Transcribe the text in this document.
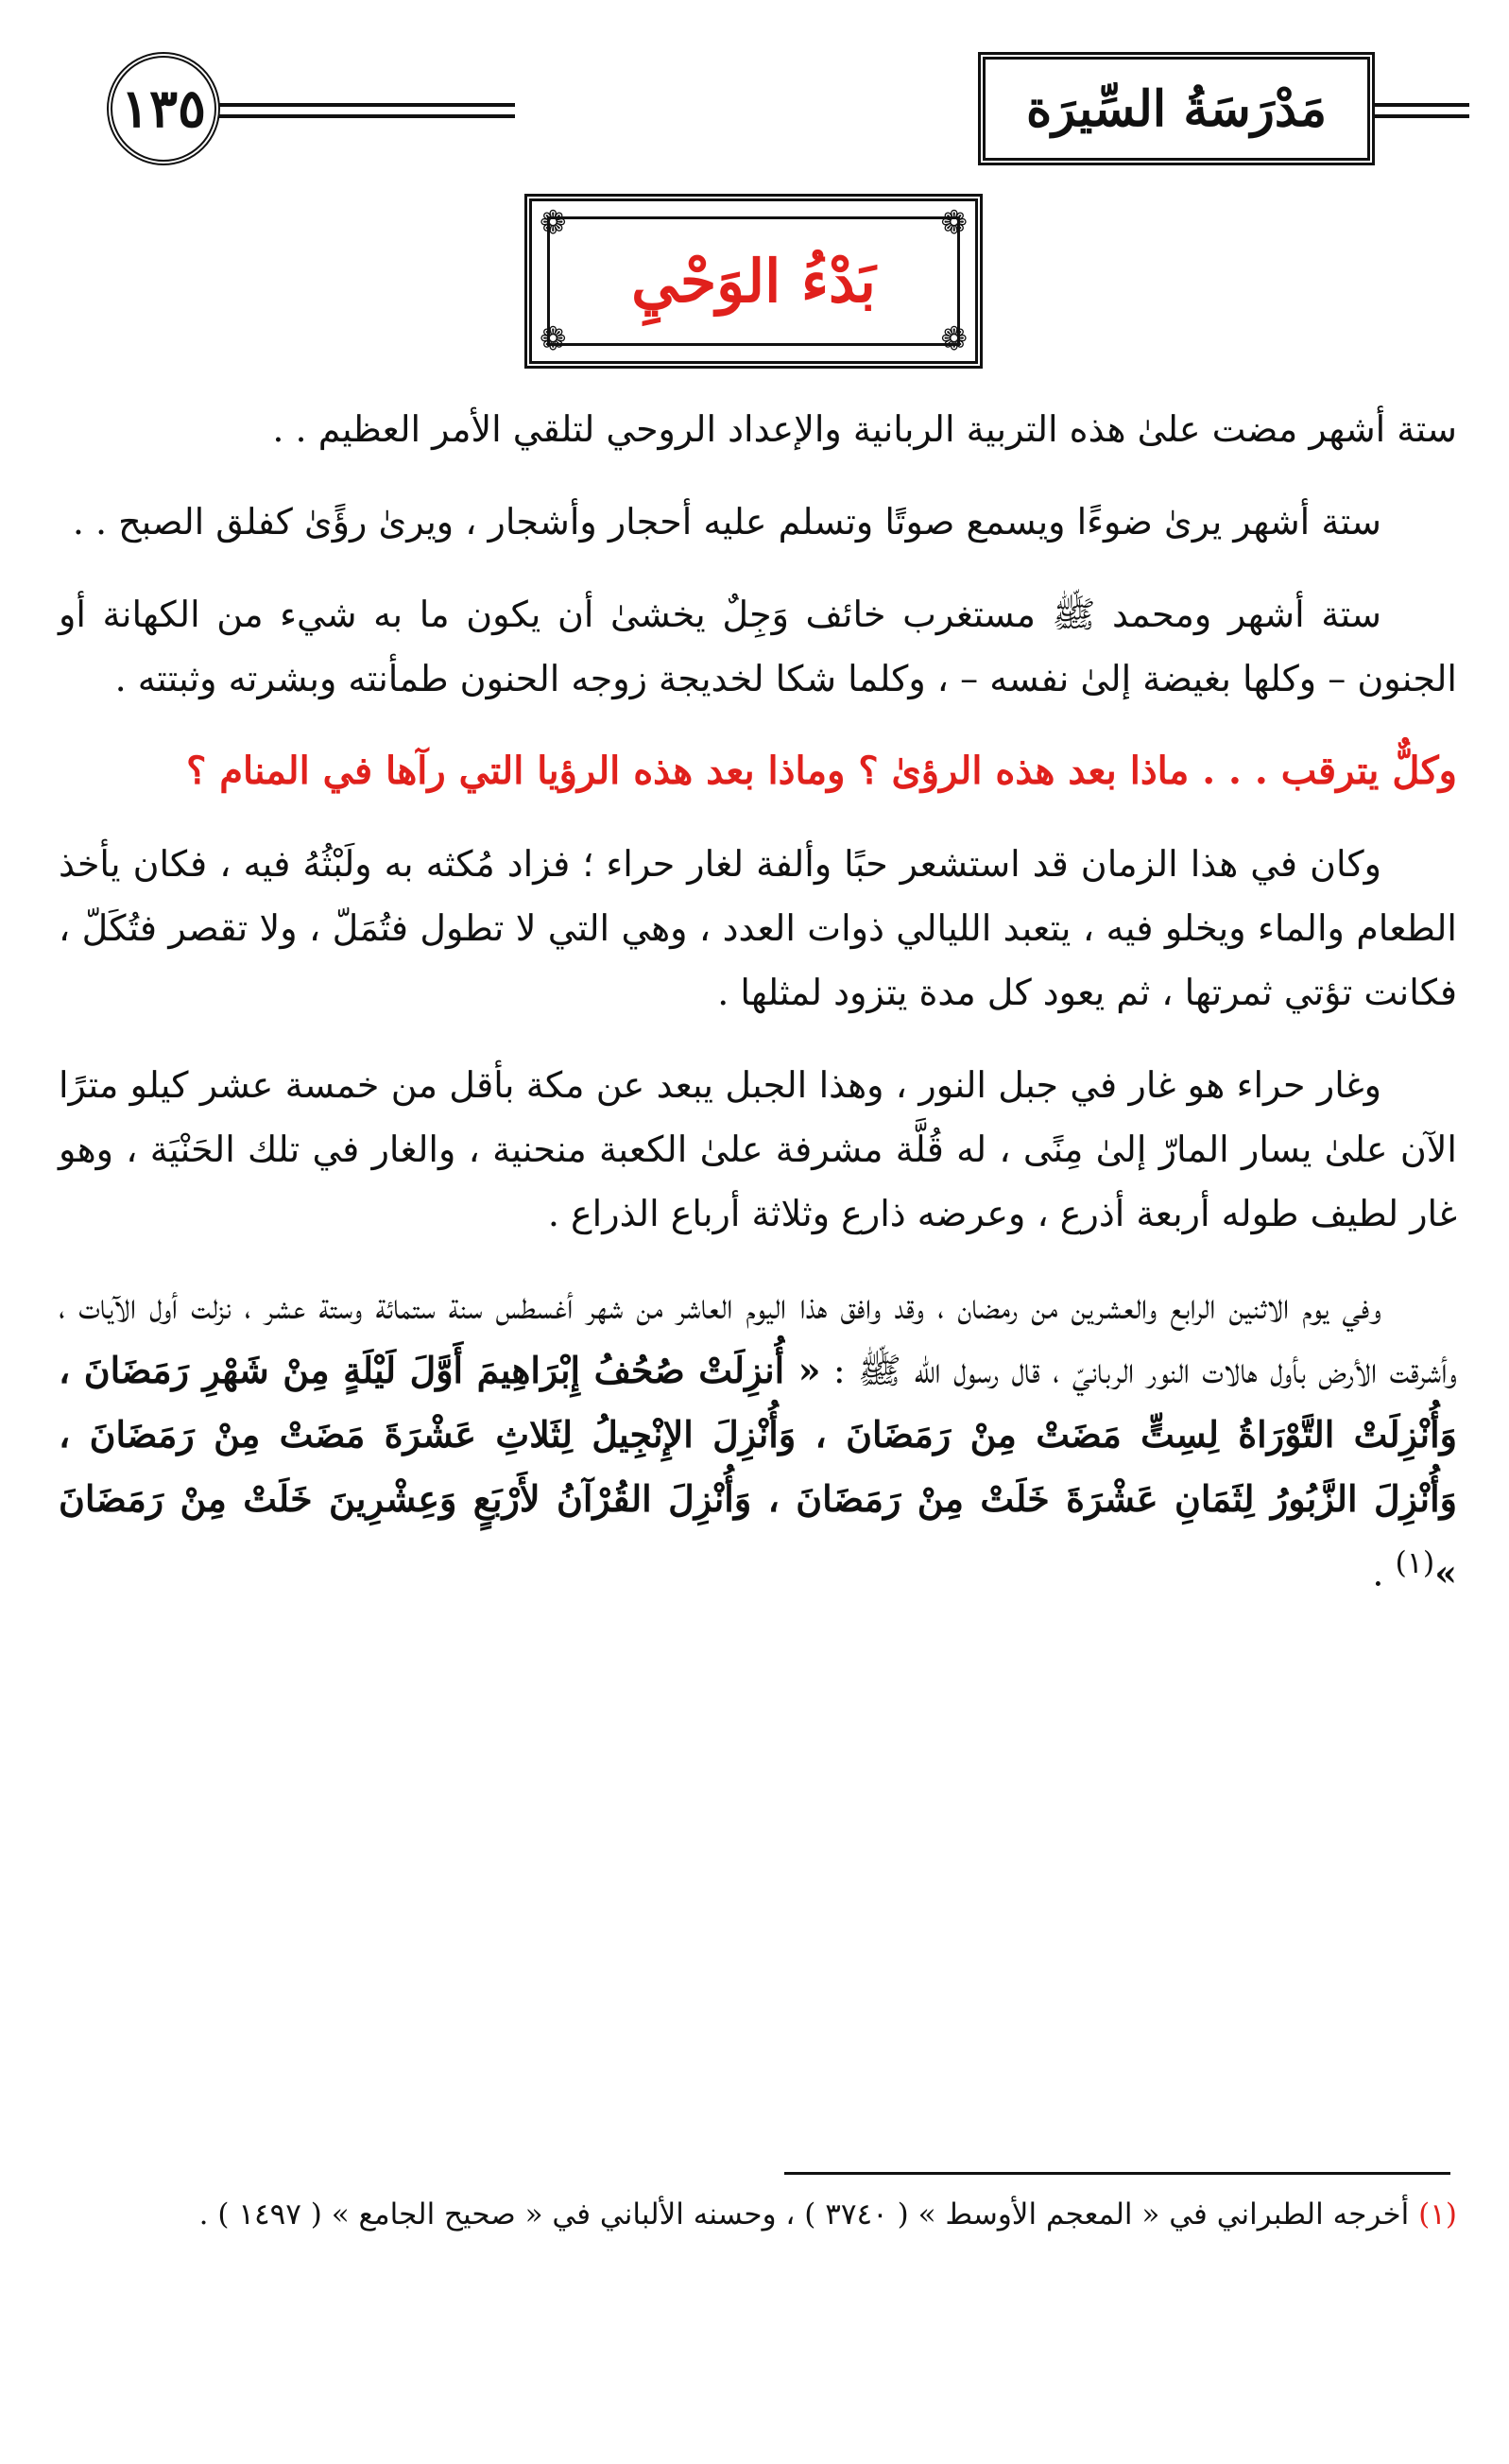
١٣٥	مَدْرَسَةُ السِّيرَة
❁	❁
❁	❁
بَدْءُ الوَحْيِ

ستة أشهر مضت علىٰ هذه التربية الربانية والإعداد الروحي لتلقي الأمر العظيم . .

ستة أشهر يرىٰ ضوءًا ويسمع صوتًا وتسلم عليه أحجار وأشجار ، ويرىٰ رؤًىٰ كفلق الصبح . .

ستة أشهر ومحمد ﷺ مستغرب خائف وَجِلٌ يخشىٰ أن يكون ما به شيء من الكهانة أو الجنون – وكلها بغيضة إلىٰ نفسه – ، وكلما شكا لخديجة زوجه الحنون طمأنته وبشرته وثبتته .

وكلٌّ يترقب . . . ماذا بعد هذه الرؤىٰ ؟ وماذا بعد هذه الرؤيا التي رآها في المنام ؟

وكان في هذا الزمان قد استشعر حبًا وألفة لغار حراء ؛ فزاد مُكثه به ولَبْثُهُ فيه ، فكان يأخذ الطعام والماء ويخلو فيه ، يتعبد الليالي ذوات العدد ، وهي التي لا تطول فتُمَلّ ، ولا تقصر فتُكَلّ ، فكانت تؤتي ثمرتها ، ثم يعود كل مدة يتزود لمثلها .

وغار حراء هو غار في جبل النور ، وهذا الجبل يبعد عن مكة بأقل من خمسة عشر كيلو مترًا الآن علىٰ يسار المارّ إلىٰ مِنًى ، له قُلَّة مشرفة علىٰ الكعبة منحنية ، والغار في تلك الحَنْيَة ، وهو غار لطيف طوله أربعة أذرع ، وعرضه ذارع وثلاثة أرباع الذراع .

وفي يوم الاثنين الرابع والعشرين من رمضان ، وقد وافق هذا اليوم العاشر من شهر أغسطس سنة ستمائة وستة عشر ، نزلت أول الآيات ، وأشرقت الأرض بأول هالات النور الربانيّ ، قال رسول الله ﷺ : « أُنزِلَتْ صُحُفُ إِبْرَاهِيمَ أَوَّلَ لَيْلَةٍ مِنْ شَهْرِ رَمَضَانَ ، وَأُنْزِلَتْ التَّوْرَاةُ لِسِتٍّ مَضَتْ مِنْ رَمَضَانَ ، وَأُنْزِلَ الإِنْجِيلُ لِثَلاثِ عَشْرَةَ مَضَتْ مِنْ رَمَضَانَ ، وَأُنْزِلَ الزَّبُورُ لِثَمَانِ عَشْرَةَ خَلَتْ مِنْ رَمَضَانَ ، وَأُنْزِلَ القُرْآنُ لأَرْبَعٍ وَعِشْرِينَ خَلَتْ مِنْ رَمَضَانَ »$^{(١)}$ .

(١) أخرجه الطبراني في « المعجم الأوسط » ( ٣٧٤٠ ) ، وحسنه الألباني في « صحيح الجامع » ( ١٤٩٧ ) .
